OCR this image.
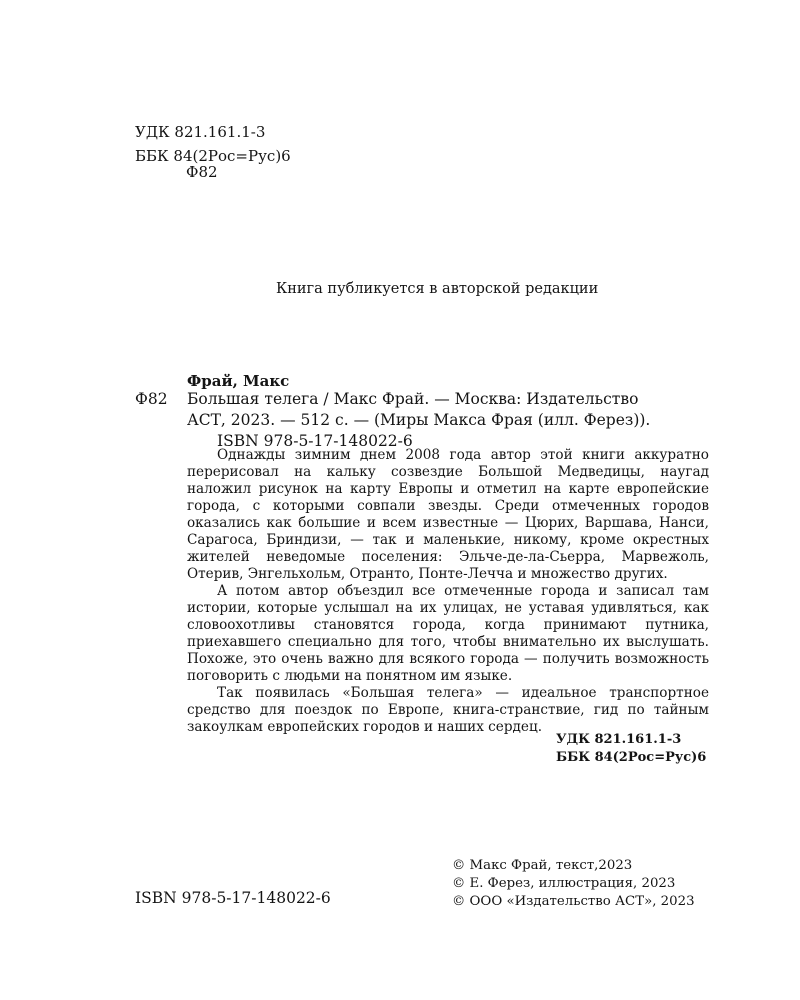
УДК 821.161.1-3
ББК 84(2Рос=Рус)6
Ф82
Книга публикуется в авторской редакции
Фрай, Макс
Ф82 Большая телега / Макс Фрай. — Москва: Издательство
АСТ, 2023. — 512 с. — (Миры Макса Фрая (илл. Ферез)).
ISBN 978-5-17-148022-6

Однажды зимним днем 2008 года автор этой книги аккуратно перерисовал на кальку созвездие Большой Медведицы, наугад наложил рисунок на карту Европы и отметил на карте европейские города, с которыми совпали звезды. Среди отмеченных городов оказались как большие и всем известные — Цюрих, Варшава, Нанси, Сарагоса, Бриндизи, — так и маленькие, никому, кроме окрестных жителей неведомые поселения: Эльче-де-ла-Сьерра, Марвежоль, Отерив, Энгельхольм, Отранто, Понте-Леччa и множество других.

А потом автор объездил все отмеченные города и записал там истории, которые услышал на их улицах, не уставая удивляться, как словоохотливы становятся города, когда принимают путника, приехавшего специально для того, чтобы внимательно их выслушать. Похоже, это очень важно для всякого города — получить возможность поговорить с людьми на понятном им языке.

Так появилась «Большая телега» — идеальное транспортное средство для поездок по Европе, книга-странствие, гид по тайным закоулкам европейских городов и наших сердец.

УДК 821.161.1-3
ББК 84(2Рос=Рус)6
© Макс Фрай, текст,2023
© Е. Ферез, иллюстрация, 2023
© ООО «Издательство АСТ», 2023
ISBN 978-5-17-148022-6
